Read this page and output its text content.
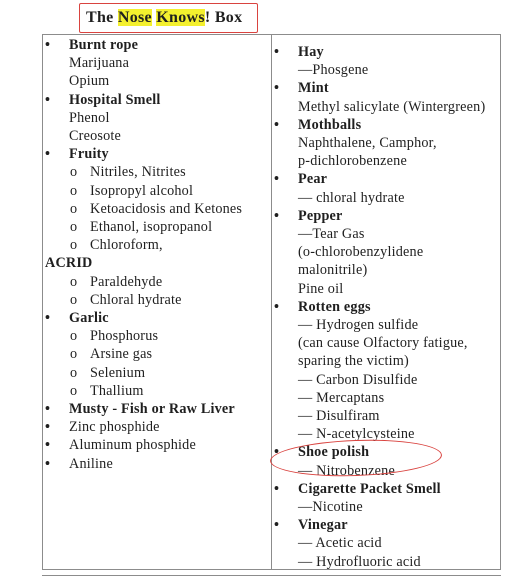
The Nose Knows! Box
• Burnt rope
Marijuana
Opium
• Hospital Smell
Phenol
Creosote
• Fruity
o Nitriles, Nitrites
o Isopropyl alcohol
o Ketoacidosis and Ketones
o Ethanol, isopropanol
o Chloroform,
ACRID
o Paraldehyde
o Chloral hydrate
• Garlic
o Phosphorus
o Arsine gas
o Selenium
o Thallium
• Musty - Fish or Raw Liver
• Zinc phosphide
• Aluminum phosphide
• Aniline
• Hay
—Phosgene
• Mint
Methyl salicylate (Wintergreen)
• Mothballs
Naphthalene, Camphor,
p-dichlorobenzene
• Pear
— chloral hydrate
• Pepper
—Tear Gas
(o-chlorobenzylidene
malonitrile)
Pine oil
• Rotten eggs
— Hydrogen sulfide
(can cause Olfactory fatigue,
sparing the victim)
— Carbon Disulfide
— Mercaptans
— Disulfiram
— N-acetylcysteine
• Shoe polish
— Nitrobenzene
• Cigarette Packet Smell
—Nicotine
• Vinegar
— Acetic acid
— Hydrofluoric acid
